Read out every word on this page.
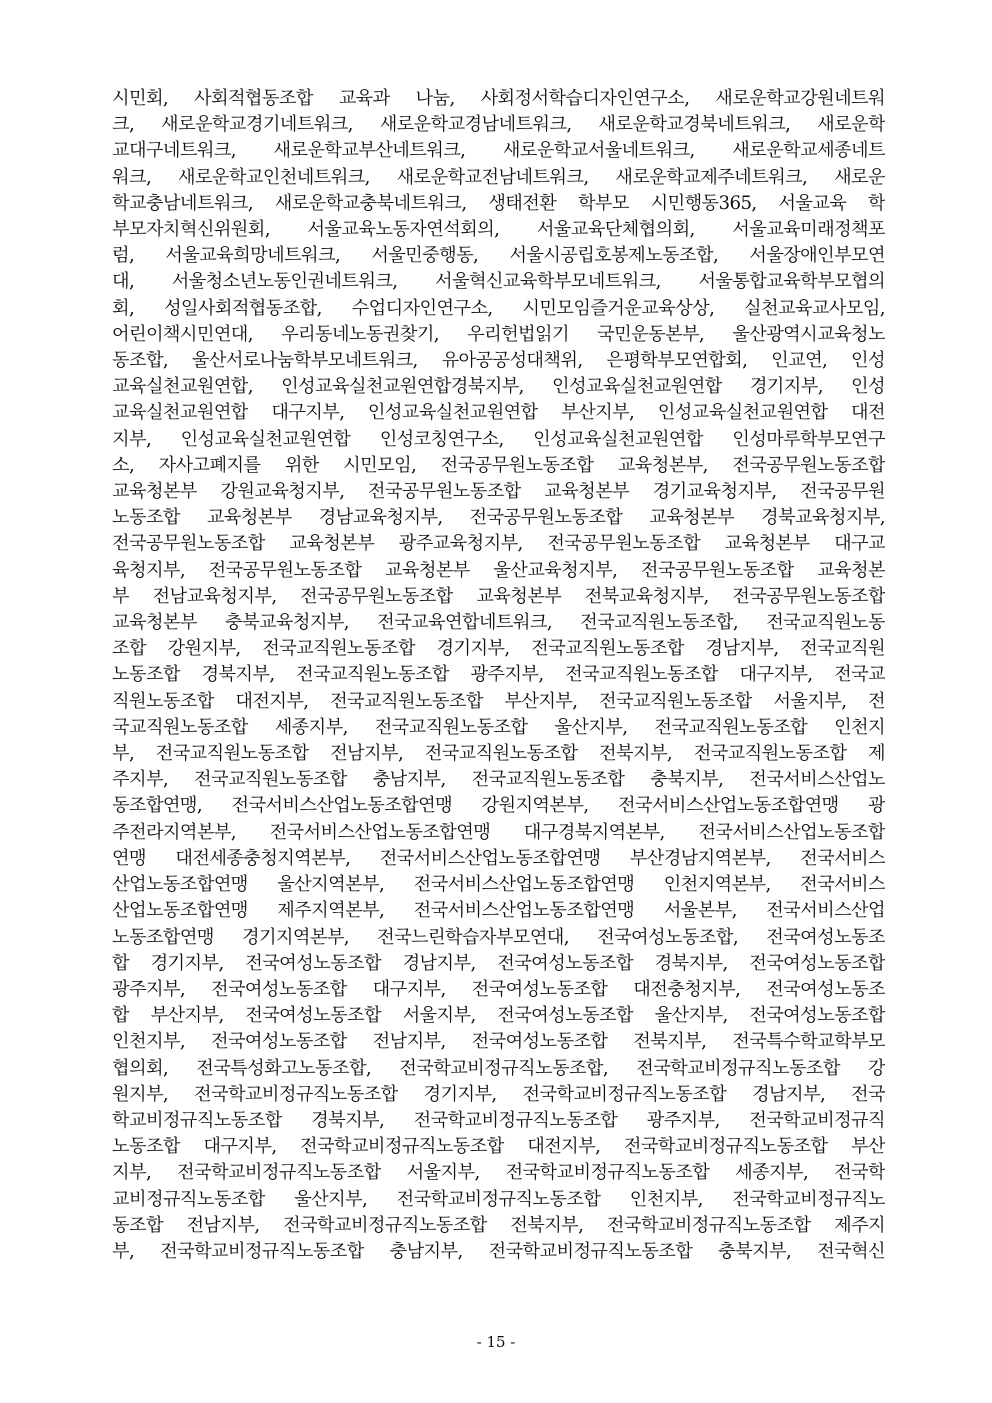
시민회, 사회적협동조합 교육과 나눔, 사회정서학습디자인연구소, 새로운학교강원네트워
크, 새로운학교경기네트워크, 새로운학교경남네트워크, 새로운학교경북네트워크, 새로운학
교대구네트워크, 새로운학교부산네트워크, 새로운학교서울네트워크, 새로운학교세종네트
워크, 새로운학교인천네트워크, 새로운학교전남네트워크, 새로운학교제주네트워크, 새로운
학교충남네트워크, 새로운학교충북네트워크, 생태전환 학부모 시민행동365, 서울교육 학
부모자치혁신위원회, 서울교육노동자연석회의, 서울교육단체협의회, 서울교육미래정책포
럼, 서울교육희망네트워크, 서울민중행동, 서울시공립호봉제노동조합, 서울장애인부모연
대, 서울청소년노동인권네트워크, 서울혁신교육학부모네트워크, 서울통합교육학부모협의
회, 성일사회적협동조합, 수업디자인연구소, 시민모임즐거운교육상상, 실천교육교사모임,
어린이책시민연대, 우리동네노동권찾기, 우리헌법읽기 국민운동본부, 울산광역시교육청노
동조합, 울산서로나눔학부모네트워크, 유아공공성대책위, 은평학부모연합회, 인교연, 인성
교육실천교원연합, 인성교육실천교원연합경북지부, 인성교육실천교원연합 경기지부, 인성
교육실천교원연합 대구지부, 인성교육실천교원연합 부산지부, 인성교육실천교원연합 대전
지부, 인성교육실천교원연합 인성코칭연구소, 인성교육실천교원연합 인성마루학부모연구
소, 자사고폐지를 위한 시민모임, 전국공무원노동조합 교육청본부, 전국공무원노동조합
교육청본부 강원교육청지부, 전국공무원노동조합 교육청본부 경기교육청지부, 전국공무원
노동조합 교육청본부 경남교육청지부, 전국공무원노동조합 교육청본부 경북교육청지부,
전국공무원노동조합 교육청본부 광주교육청지부, 전국공무원노동조합 교육청본부 대구교
육청지부, 전국공무원노동조합 교육청본부 울산교육청지부, 전국공무원노동조합 교육청본
부 전남교육청지부, 전국공무원노동조합 교육청본부 전북교육청지부, 전국공무원노동조합
교육청본부 충북교육청지부, 전국교육연합네트워크, 전국교직원노동조합, 전국교직원노동
조합 강원지부, 전국교직원노동조합 경기지부, 전국교직원노동조합 경남지부, 전국교직원
노동조합 경북지부, 전국교직원노동조합 광주지부, 전국교직원노동조합 대구지부, 전국교
직원노동조합 대전지부, 전국교직원노동조합 부산지부, 전국교직원노동조합 서울지부, 전
국교직원노동조합 세종지부, 전국교직원노동조합 울산지부, 전국교직원노동조합 인천지
부, 전국교직원노동조합 전남지부, 전국교직원노동조합 전북지부, 전국교직원노동조합 제
주지부, 전국교직원노동조합 충남지부, 전국교직원노동조합 충북지부, 전국서비스산업노
동조합연맹, 전국서비스산업노동조합연맹 강원지역본부, 전국서비스산업노동조합연맹 광
주전라지역본부, 전국서비스산업노동조합연맹 대구경북지역본부, 전국서비스산업노동조합
연맹 대전세종충청지역본부, 전국서비스산업노동조합연맹 부산경남지역본부, 전국서비스
산업노동조합연맹 울산지역본부, 전국서비스산업노동조합연맹 인천지역본부, 전국서비스
산업노동조합연맹 제주지역본부, 전국서비스산업노동조합연맹 서울본부, 전국서비스산업
노동조합연맹 경기지역본부, 전국느린학습자부모연대, 전국여성노동조합, 전국여성노동조
합 경기지부, 전국여성노동조합 경남지부, 전국여성노동조합 경북지부, 전국여성노동조합
광주지부, 전국여성노동조합 대구지부, 전국여성노동조합 대전충청지부, 전국여성노동조
합 부산지부, 전국여성노동조합 서울지부, 전국여성노동조합 울산지부, 전국여성노동조합
인천지부, 전국여성노동조합 전남지부, 전국여성노동조합 전북지부, 전국특수학교학부모
협의회, 전국특성화고노동조합, 전국학교비정규직노동조합, 전국학교비정규직노동조합 강
원지부, 전국학교비정규직노동조합 경기지부, 전국학교비정규직노동조합 경남지부, 전국
학교비정규직노동조합 경북지부, 전국학교비정규직노동조합 광주지부, 전국학교비정규직
노동조합 대구지부, 전국학교비정규직노동조합 대전지부, 전국학교비정규직노동조합 부산
지부, 전국학교비정규직노동조합 서울지부, 전국학교비정규직노동조합 세종지부, 전국학
교비정규직노동조합 울산지부, 전국학교비정규직노동조합 인천지부, 전국학교비정규직노
동조합 전남지부, 전국학교비정규직노동조합 전북지부, 전국학교비정규직노동조합 제주지
부, 전국학교비정규직노동조합 충남지부, 전국학교비정규직노동조합 충북지부, 전국혁신
- 15 -
